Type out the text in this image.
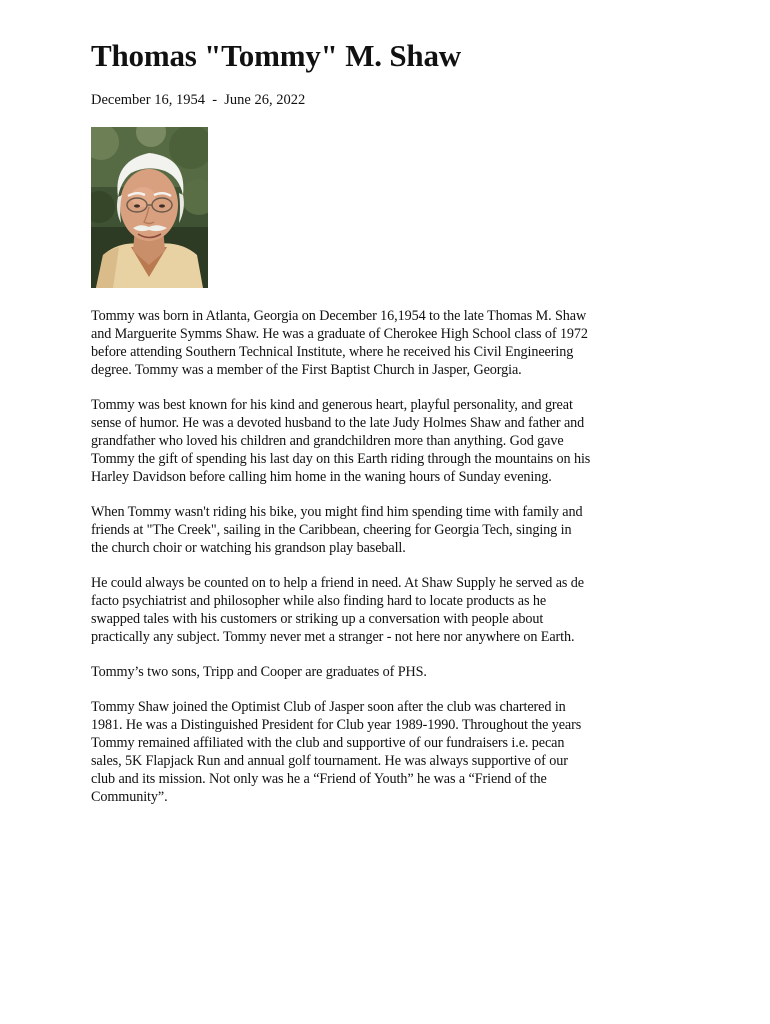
Thomas "Tommy" M. Shaw
December 16, 1954  -  June 26, 2022

Tommy was born in Atlanta, Georgia on December 16,1954 to the late Thomas M. Shaw
and Marguerite Symms Shaw. He was a graduate of Cherokee High School class of 1972
before attending Southern Technical Institute, where he received his Civil Engineering
degree. Tommy was a member of the First Baptist Church in Jasper, Georgia.

Tommy was best known for his kind and generous heart, playful personality, and great
sense of humor. He was a devoted husband to the late Judy Holmes Shaw and father and
grandfather who loved his children and grandchildren more than anything. God gave
Tommy the gift of spending his last day on this Earth riding through the mountains on his
Harley Davidson before calling him home in the waning hours of Sunday evening.

When Tommy wasn't riding his bike, you might find him spending time with family and
friends at "The Creek", sailing in the Caribbean, cheering for Georgia Tech, singing in
the church choir or watching his grandson play baseball.

He could always be counted on to help a friend in need. At Shaw Supply he served as de
facto psychiatrist and philosopher while also finding hard to locate products as he
swapped tales with his customers or striking up a conversation with people about
practically any subject. Tommy never met a stranger - not here nor anywhere on Earth.

Tommy’s two sons, Tripp and Cooper are graduates of PHS.

Tommy Shaw joined the Optimist Club of Jasper soon after the club was chartered in
1981. He was a Distinguished President for Club year 1989-1990. Throughout the years
Tommy remained affiliated with the club and supportive of our fundraisers i.e. pecan
sales, 5K Flapjack Run and annual golf tournament. He was always supportive of our
club and its mission. Not only was he a “Friend of Youth” he was a “Friend of the
Community”.
